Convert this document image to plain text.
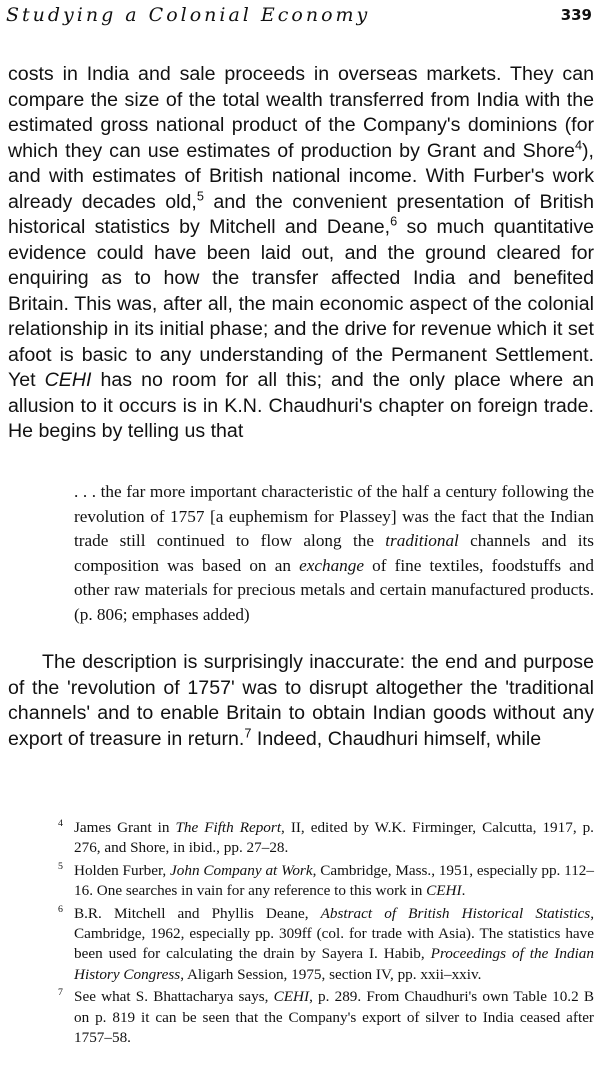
Studying a Colonial Economy	339

costs in India and sale proceeds in overseas markets. They can compare the size of the total wealth transferred from India with the estimated gross national product of the Company's dominions (for which they can use estimates of production by Grant and Shore$^4$), and with estimates of British national income. With Furber's work already decades old,$^5$ and the convenient presentation of British historical statistics by Mitchell and Deane,$^6$ so much quantitative evidence could have been laid out, and the ground cleared for enquiring as to how the transfer affected India and benefited Britain. This was, after all, the main economic aspect of the colonial relationship in its initial phase; and the drive for revenue which it set afoot is basic to any understanding of the Permanent Settlement. Yet CEHI has no room for all this; and the only place where an allusion to it occurs is in K.N. Chaudhuri's chapter on foreign trade. He begins by telling us that

. . . the far more important characteristic of the half a century following the revolution of 1757 [a euphemism for Plassey] was the fact that the Indian trade still continued to flow along the traditional channels and its composition was based on an exchange of fine textiles, foodstuffs and other raw materials for precious metals and certain manufactured products. (p. 806; emphases added)

The description is surprisingly inaccurate: the end and purpose of the 'revolution of 1757' was to disrupt altogether the 'traditional channels' and to enable Britain to obtain Indian goods without any export of treasure in return.$^7$ Indeed, Chaudhuri himself, while

$^4$ James Grant in The Fifth Report, II, edited by W.K. Firminger, Calcutta, 1917, p. 276, and Shore, in ibid., pp. 27–28.

$^5$ Holden Furber, John Company at Work, Cambridge, Mass., 1951, especially pp. 112–16. One searches in vain for any reference to this work in CEHI.

$^6$ B.R. Mitchell and Phyllis Deane, Abstract of British Historical Statistics, Cambridge, 1962, especially pp. 309ff (col. for trade with Asia). The statistics have been used for calculating the drain by Sayera I. Habib, Proceedings of the Indian History Congress, Aligarh Session, 1975, section IV, pp. xxii–xxiv.

$^7$ See what S. Bhattacharya says, CEHI, p. 289. From Chaudhuri's own Table 10.2 B on p. 819 it can be seen that the Company's export of silver to India ceased after 1757–58.
